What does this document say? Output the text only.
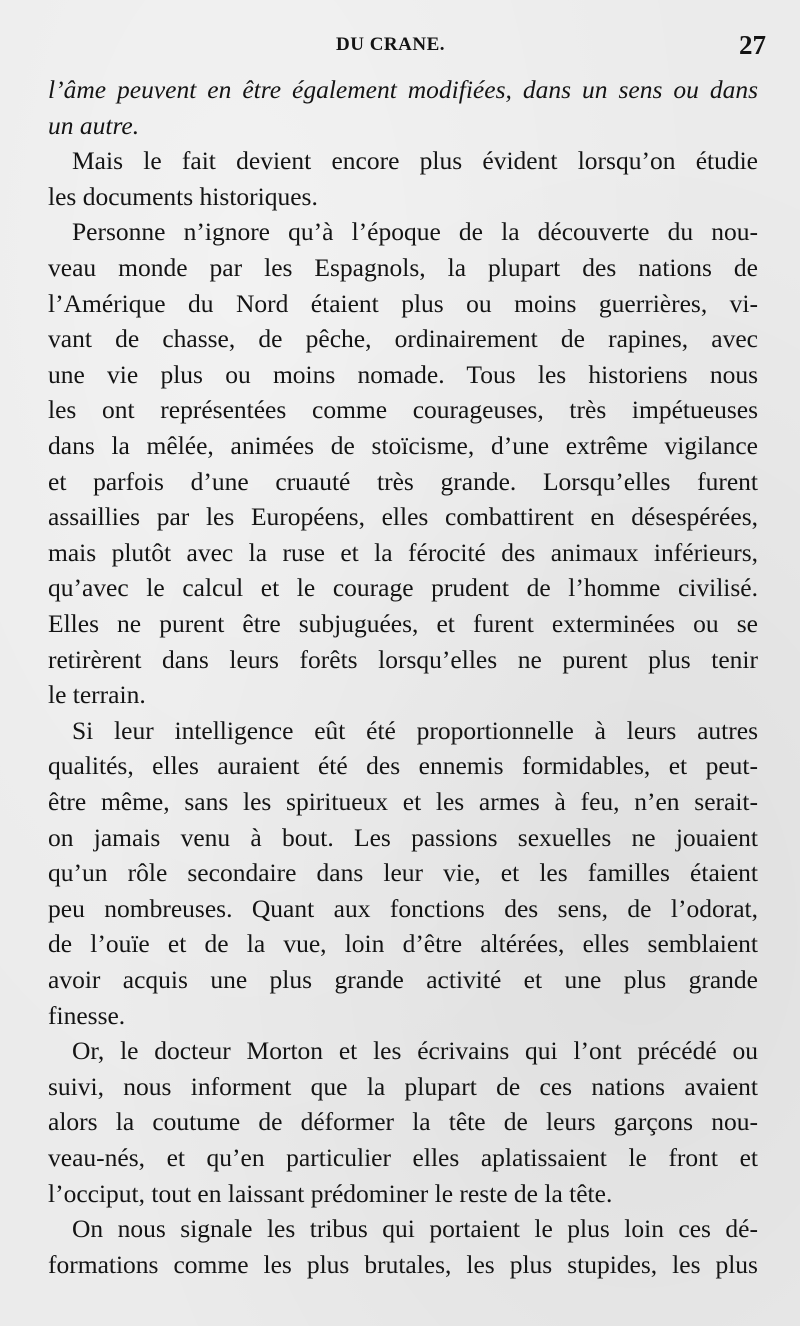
DU CRANE.	27
l’âme peuvent en être également modifiées, dans un sens ou dans
un autre.
Mais le fait devient encore plus évident lorsqu’on étudie
les documents historiques.
Personne n’ignore qu’à l’époque de la découverte du nou-
veau monde par les Espagnols, la plupart des nations de
l’Amérique du Nord étaient plus ou moins guerrières, vi-
vant de chasse, de pêche, ordinairement de rapines, avec
une vie plus ou moins nomade. Tous les historiens nous
les ont représentées comme courageuses, très impétueuses
dans la mêlée, animées de stoïcisme, d’une extrême vigilance
et parfois d’une cruauté très grande. Lorsqu’elles furent
assaillies par les Européens, elles combattirent en désespérées,
mais plutôt avec la ruse et la férocité des animaux inférieurs,
qu’avec le calcul et le courage prudent de l’homme civilisé.
Elles ne purent être subjuguées, et furent exterminées ou se
retirèrent dans leurs forêts lorsqu’elles ne purent plus tenir
le terrain.
Si leur intelligence eût été proportionnelle à leurs autres
qualités, elles auraient été des ennemis formidables, et peut-
être même, sans les spiritueux et les armes à feu, n’en serait-
on jamais venu à bout. Les passions sexuelles ne jouaient
qu’un rôle secondaire dans leur vie, et les familles étaient
peu nombreuses. Quant aux fonctions des sens, de l’odorat,
de l’ouïe et de la vue, loin d’être altérées, elles semblaient
avoir acquis une plus grande activité et une plus grande
finesse.
Or, le docteur Morton et les écrivains qui l’ont précédé ou
suivi, nous informent que la plupart de ces nations avaient
alors la coutume de déformer la tête de leurs garçons nou-
veau-nés, et qu’en particulier elles aplatissaient le front et
l’occiput, tout en laissant prédominer le reste de la tête.
On nous signale les tribus qui portaient le plus loin ces dé-
formations comme les plus brutales, les plus stupides, les plus
